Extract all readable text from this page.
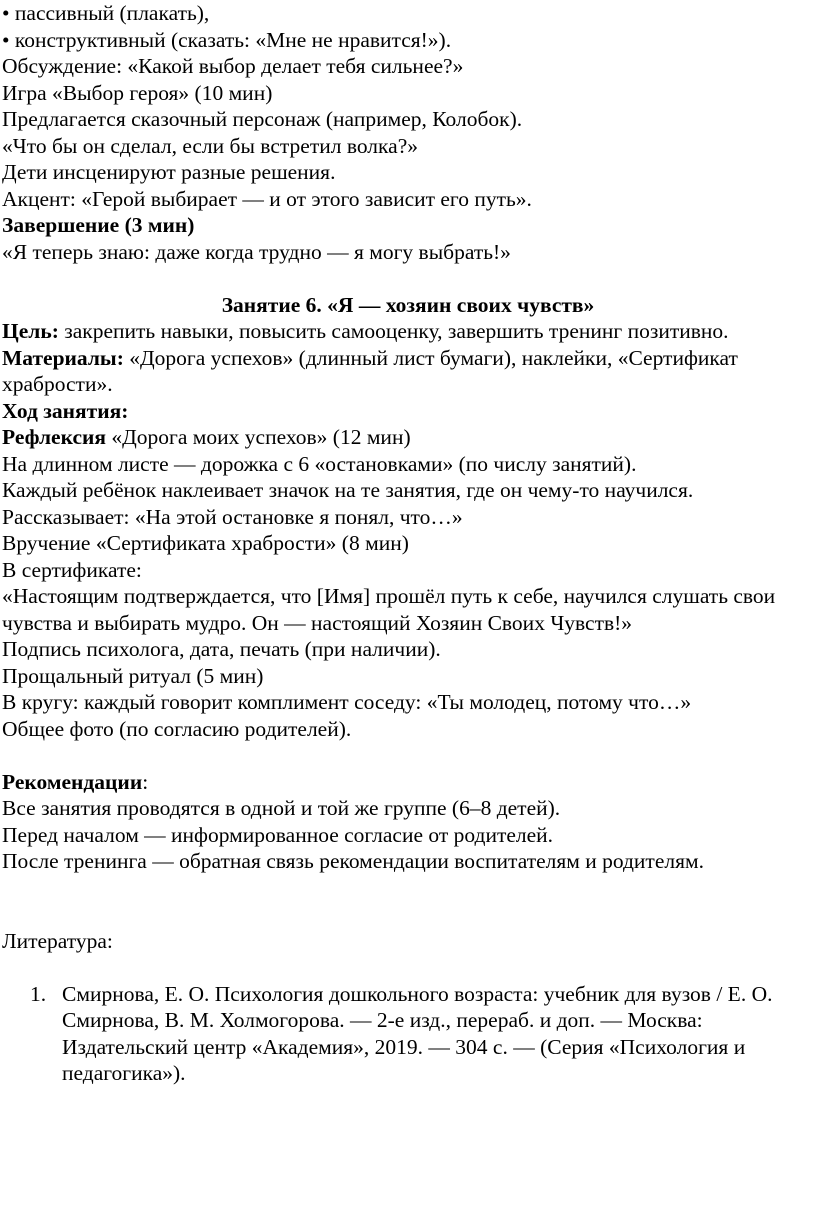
• пассивный (плакать),

• конструктивный (сказать: «Мне не нравится!»).

Обсуждение: «Какой выбор делает тебя сильнее?»

Игра «Выбор героя» (10 мин)

Предлагается сказочный персонаж (например, Колобок).

«Что бы он сделал, если бы встретил волка?»

Дети инсценируют разные решения.

Акцент: «Герой выбирает — и от этого зависит его путь».

Завершение (3 мин)

«Я теперь знаю: даже когда трудно — я могу выбрать!»

Занятие 6. «Я — хозяин своих чувств»

Цель: закрепить навыки, повысить самооценку, завершить тренинг позитивно.

Материалы: «Дорога успехов» (длинный лист бумаги), наклейки, «Сертификат храбрости».

Ход занятия:

Рефлексия «Дорога моих успехов» (12 мин)

На длинном листе — дорожка с 6 «остановками» (по числу занятий).

Каждый ребёнок наклеивает значок на те занятия, где он чему-то научился.

Рассказывает: «На этой остановке я понял, что…»

Вручение «Сертификата храбрости» (8 мин)

В сертификате:

«Настоящим подтверждается, что [Имя] прошёл путь к себе, научился слушать свои чувства и выбирать мудро. Он — настоящий Хозяин Своих Чувств!»

Подпись психолога, дата, печать (при наличии).

Прощальный ритуал (5 мин)

В кругу: каждый говорит комплимент соседу: «Ты молодец, потому что…»

Общее фото (по согласию родителей).

Рекомендации:

Все занятия проводятся в одной и той же группе (6–8 детей).

Перед началом — информированное согласие от родителей.

После тренинга — обратная связь рекомендации воспитателям и родителям.

Литература:

1. Смирнова, Е. О. Психология дошкольного возраста: учебник для вузов / Е. О. Смирнова, В. М. Холмогорова. — 2-е изд., перераб. и доп. — Москва: Издательский центр «Академия», 2019. — 304 с. — (Серия «Психология и педагогика»).
